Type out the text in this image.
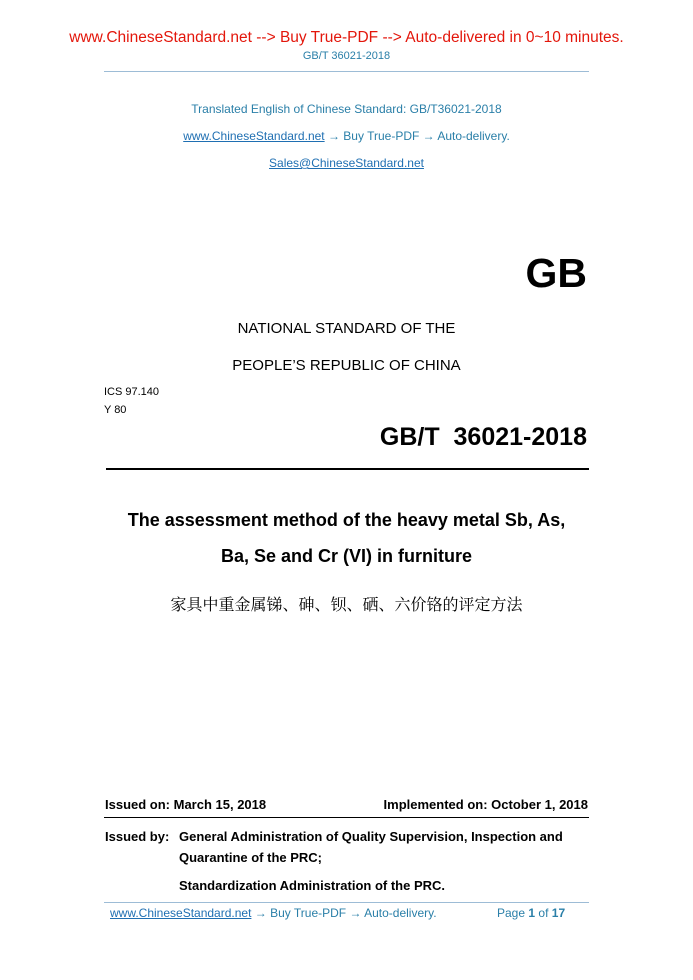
www.ChineseStandard.net --> Buy True-PDF --> Auto-delivered in 0~10 minutes.
GB/T 36021-2018
Translated English of Chinese Standard: GB/T36021-2018
www.ChineseStandard.net → Buy True-PDF → Auto-delivery.
Sales@ChineseStandard.net
GB
NATIONAL STANDARD OF THE
PEOPLE’S REPUBLIC OF CHINA
ICS 97.140
Y 80
GB/T  36021-2018
The assessment method of the heavy metal Sb, As,
Ba, Se and Cr (VI) in furniture
家具中重金属锑、砷、钡、硒、六价铬的评定方法
Issued on: March 15, 2018	Implemented on: October 1, 2018
Issued by: General Administration of Quality Supervision, Inspection and
Quarantine of the PRC;
Standardization Administration of the PRC.
www.ChineseStandard.net → Buy True-PDF → Auto-delivery.	Page 1 of 17
